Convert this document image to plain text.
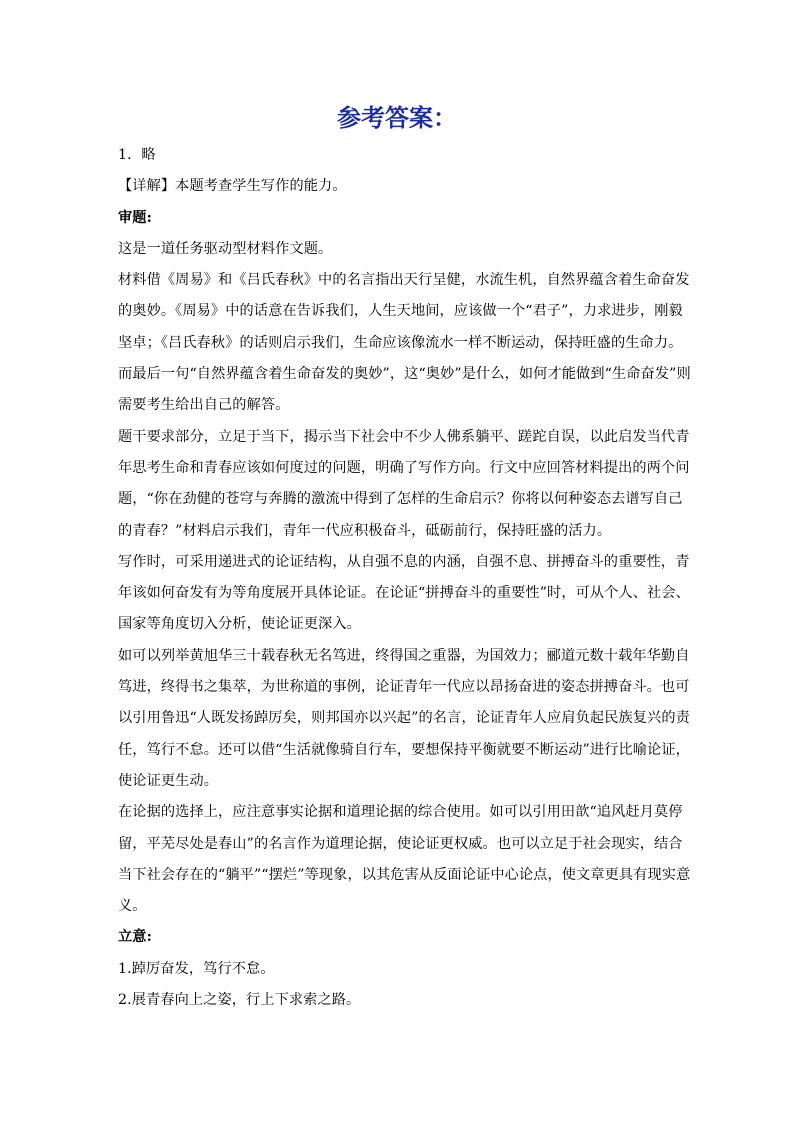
参考答案：
1．略
【详解】本题考查学生写作的能力。
审题:
这是一道任务驱动型材料作文题。
材料借《周易》和《吕氏春秋》中的名言指出天行呈健，水流生机，自然界蕴含着生命奋发
的奥妙。《周易》中的话意在告诉我们，人生天地间，应该做一个“君子”，力求进步，刚毅
坚卓；《吕氏春秋》的话则启示我们，生命应该像流水一样不断运动，保持旺盛的生命力。
而最后一句“自然界蕴含着生命奋发的奥妙”，这“奥妙”是什么，如何才能做到“生命奋发”则
需要考生给出自己的解答。
题干要求部分，立足于当下，揭示当下社会中不少人佛系躺平、蹉跎自误，以此启发当代青
年思考生命和青春应该如何度过的问题，明确了写作方向。行文中应回答材料提出的两个问
题，“你在劲健的苍穹与奔腾的激流中得到了怎样的生命启示？你将以何种姿态去谱写自己
的青春？”材料启示我们，青年一代应积极奋斗，砥砺前行，保持旺盛的活力。
写作时，可采用递进式的论证结构，从自强不息的内涵，自强不息、拼搏奋斗的重要性，青
年该如何奋发有为等角度展开具体论证。在论证“拼搏奋斗的重要性”时，可从个人、社会、
国家等角度切入分析，使论证更深入。
如可以列举黄旭华三十载春秋无名笃进，终得国之重器，为国效力；郦道元数十载年华勤自
笃进，终得书之集萃，为世称道的事例，论证青年一代应以昂扬奋进的姿态拼搏奋斗。也可
以引用鲁迅“人既发扬踔厉矣，则邦国亦以兴起”的名言，论证青年人应肩负起民族复兴的责
任，笃行不怠。还可以借“生活就像骑自行车，要想保持平衡就要不断运动”进行比喻论证，
使论证更生动。
在论据的选择上，应注意事实论据和道理论据的综合使用。如可以引用田歆“追风赶月莫停
留，平芜尽处是春山”的名言作为道理论据，使论证更权威。也可以立足于社会现实，结合
当下社会存在的“躺平”“摆烂”等现象，以其危害从反面论证中心论点，使文章更具有现实意
义。
立意:
1.踔厉奋发，笃行不怠。
2.展青春向上之姿，行上下求索之路。
